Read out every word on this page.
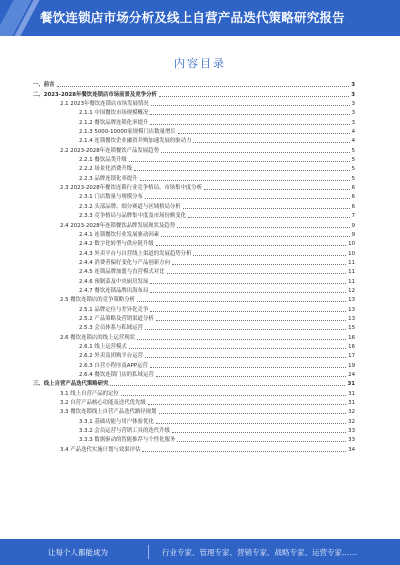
餐饮连锁店市场分析及线上自营产品迭代策略研究报告
内容目录
一、前言	3
二、2023-2028年餐饮连锁店市场前景及竞争分析	3
2.1 2023年餐饮连锁店市场发展情况	3
2.1.1 中国餐饮市场规模概况	3
2.1.2 餐饮品牌连锁化率提升	3
2.1.3 5000-10000家规模门店数量增长	4
2.1.4 连锁餐饮企业融资并购加速发展的驱动力	4
2.2 2023-2028年连锁餐饮产品发展趋势	5
2.2.1 餐饮品类升级	5
2.2.2 场景化消费升级	5
2.2.3 品牌连锁化率提升	5
2.3 2023-2028年餐饮连锁行业竞争格局、市场集中度分析	6
2.3.1 门店数量与规模分布	6
2.3.2 头部品牌、细分赛道与区域格局分析	6
2.3.3 竞争格局与品牌集中度及市场份额变化	7
2.4 2023-2028年连锁餐饮品牌发展现状及趋势	9
2.4.1 连锁餐饮行业发展驱动因素	9
2.4.2 数字化转型与供应链升级	10
2.4.3 外卖平台与自营线上渠道的发展趋势分析	10
2.4.4 消费者偏好变化与产品创新方向	11
2.4.5 连锁品牌加盟与直营模式对比	11
2.4.6 预制菜及中央厨房发展	11
2.4.7 餐饮连锁品牌出海布局	12
2.5 餐饮连锁店的竞争策略分析	13
2.5.1 品牌定位与差异化竞争	13
2.5.2 产品策略及营销渠道分析	13
2.5.3 会员体系与私域运营	15
2.6 餐饮连锁店的线上运营现状	16
2.6.1 线上运营模式	16
2.6.2 外卖及团购平台运营	17
2.6.3 自营小程序及APP运营	19
2.6.4 餐饮连锁门店的私域运营	24
三、线上自营产品迭代策略研究	31
3.1 线上自营产品的定位	31
3.2 自营产品核心功能及迭代优先级	31
3.3 餐饮连锁线上自营产品迭代路径规划	32
3.3.1 基础功能与用户体验优化	32
3.3.2 会员运营与营销工具的迭代升级	33
3.3.3 数据驱动的智能推荐与个性化服务	33
3.4 产品迭代实施计划与效果评估	34
让每个人都能成为	行业专家、管理专家、营销专家、战略专家、运营专家……
